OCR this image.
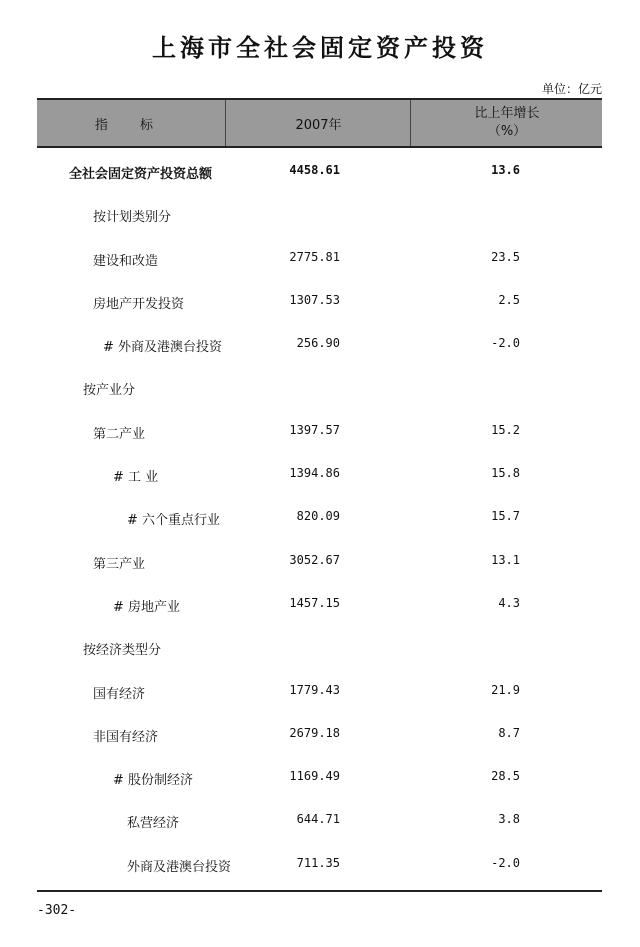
上海市全社会固定资产投资
单位：亿元
指 标	2007年
比上年增长
（%）
全社会固定资产投资总额	4458.61	13.6
按计划类别分
建设和改造	2775.81	23.5
房地产开发投资	1307.53	2.5
# 外商及港澳台投资	256.90	-2.0
按产业分
第二产业	1397.57	15.2
# 工 业	1394.86	15.8
# 六个重点行业	820.09	15.7
第三产业	3052.67	13.1
# 房地产业	1457.15	4.3
按经济类型分
国有经济	1779.43	21.9
非国有经济	2679.18	8.7
# 股份制经济	1169.49	28.5
私营经济	644.71	3.8
外商及港澳台投资	711.35	-2.0
-302-
